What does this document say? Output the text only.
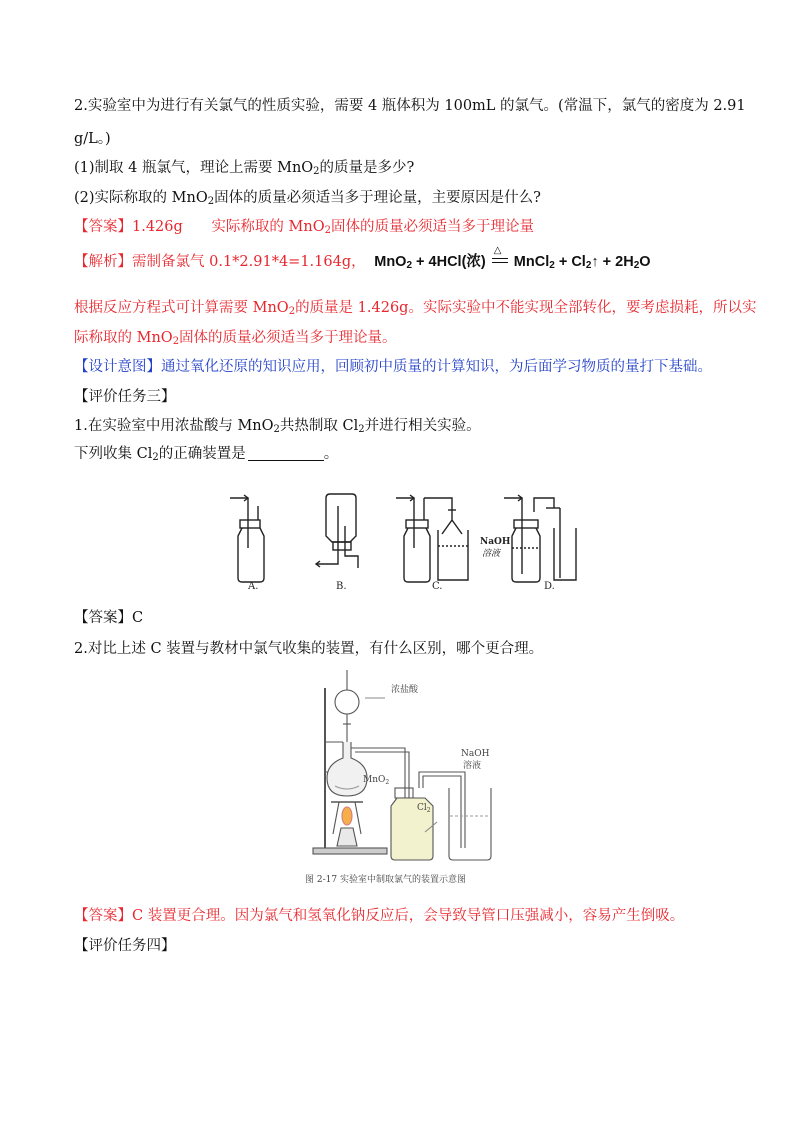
2.实验室中为进行有关氯气的性质实验，需要 4 瓶体积为 100mL 的氯气。(常温下，氯气的密度为 2.91
g/L。)
(1)制取 4 瓶氯气，理论上需要 MnO$_2$的质量是多少?
(2)实际称取的 MnO$_2$固体的质量必须适当多于理论量，主要原因是什么?
【答案】1.426g 实际称取的 MnO$_2$固体的质量必须适当多于理论量
【解析】需制备氯气 0.1*2.91*4=1.164g， MnO$_2$ + 4HCl(浓)
△
MnCl$_2$ + $Cl_2↑ + 2H_2O$
根据反应方程式可计算需要 MnO$_2$的质量是 1.426g。实际实验中不能实现全部转化，要考虑损耗，所以实
际称取的 MnO$_2$固体的质量必须适当多于理论量。
【设计意图】通过氧化还原的知识应用，回顾初中质量的计算知识，为后面学习物质的量打下基础。
【评价任务三】
1.在实验室中用浓盐酸与 MnO$_2$共热制取 $Cl_2$并进行相关实验。
下列收集 $Cl_2$的正确装置是	。
NaOH
溶液
A.	B.	C.	D.
【答案】C
2.对比上述 C 装置与教材中氯气收集的装置，有什么区别，哪个更合理。
浓盐酸
MnO$_2$
$Cl_2$
NaOH
溶液
图 2-17 实验室中制取氯气的装置示意图
【答案】C 装置更合理。因为氯气和氢氧化钠反应后，会导致导管口压强减小，容易产生倒吸。
【评价任务四】
